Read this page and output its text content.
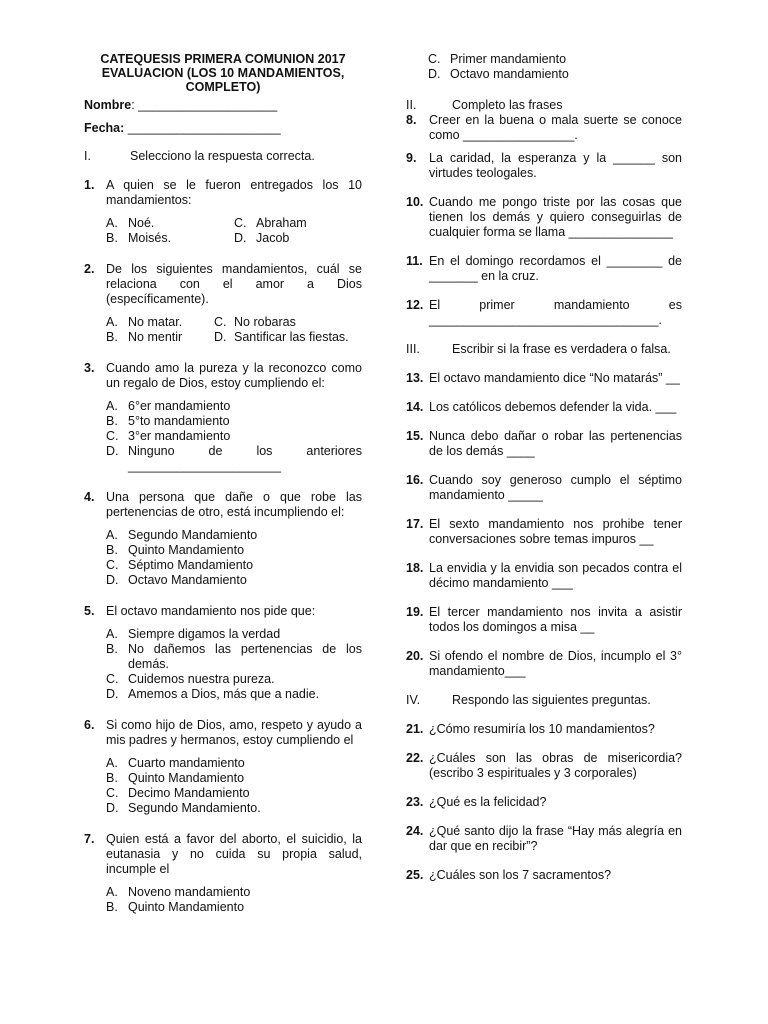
CATEQUESIS PRIMERA COMUNION 2017
EVALUACION (LOS 10 MANDAMIENTOS,
COMPLETO)
Nombre: ____________________
Fecha: ______________________
I.	Selecciono la respuesta correcta.
1. A quien se le fueron entregados los 10 mandamientos:
A. Noé.	C. Abraham
B. Moisés.	D. Jacob
2. De los siguientes mandamientos, cuál se relaciona con el amor a Dios (específicamente).
A. No matar.	C. No robaras
B. No mentir	D. Santificar las fiestas.
3. Cuando amo la pureza y la reconozco como un regalo de Dios, estoy cumpliendo el:
A. 6°er mandamiento
B. 5°to mandamiento
C. 3°er mandamiento
D. Ninguno de los anteriores ______________________
4. Una persona que dañe o que robe las pertenencias de otro, está incumpliendo el:
A. Segundo Mandamiento
B. Quinto Mandamiento
C. Séptimo Mandamiento
D. Octavo Mandamiento
5. El octavo mandamiento nos pide que:
A. Siempre digamos la verdad
B. No dañemos las pertenencias de los demás.
C. Cuidemos nuestra pureza.
D. Amemos a Dios, más que a nadie.
6. Si como hijo de Dios, amo, respeto y ayudo a mis padres y hermanos, estoy cumpliendo el
A. Cuarto mandamiento
B. Quinto Mandamiento
C. Decimo Mandamiento
D. Segundo Mandamiento.
7. Quien está a favor del aborto, el suicidio, la eutanasia y no cuida su propia salud, incumple el
A. Noveno mandamiento
B. Quinto Mandamiento
C. Primer mandamiento
D. Octavo mandamiento
II.	Completo las frases
8.	Creer en la buena o mala suerte se conoce como ________________.
9.	La caridad, la esperanza y la ______ son virtudes teologales.
10. Cuando me pongo triste por las cosas que tienen los demás y quiero conseguirlas de cualquier forma se llama _______________
11. En el domingo recordamos el ________ de _______ en la cruz.
12. El primer mandamiento es _________________________________.
III.	Escribir si la frase es verdadera o falsa.
13. El octavo mandamiento dice “No matarás” __
14. Los católicos debemos defender la vida. ___
15. Nunca debo dañar o robar las pertenencias de los demás ____
16. Cuando soy generoso cumplo el séptimo mandamiento _____
17. El sexto mandamiento nos prohibe tener conversaciones sobre temas impuros __
18. La envidia y la envidia son pecados contra el décimo mandamiento ___
19. El tercer mandamiento nos invita a asistir todos los domingos a misa __
20. Si ofendo el nombre de Dios, incumplo el 3° mandamiento___
IV.	Respondo las siguientes preguntas.
21. ¿Cómo resumiría los 10 mandamientos?
22. ¿Cuáles son las obras de misericordia? (escribo 3 espirituales y 3 corporales)
23. ¿Qué es la felicidad?
24. ¿Qué santo dijo la frase “Hay más alegría en dar que en recibir”?
25. ¿Cuáles son los 7 sacramentos?
